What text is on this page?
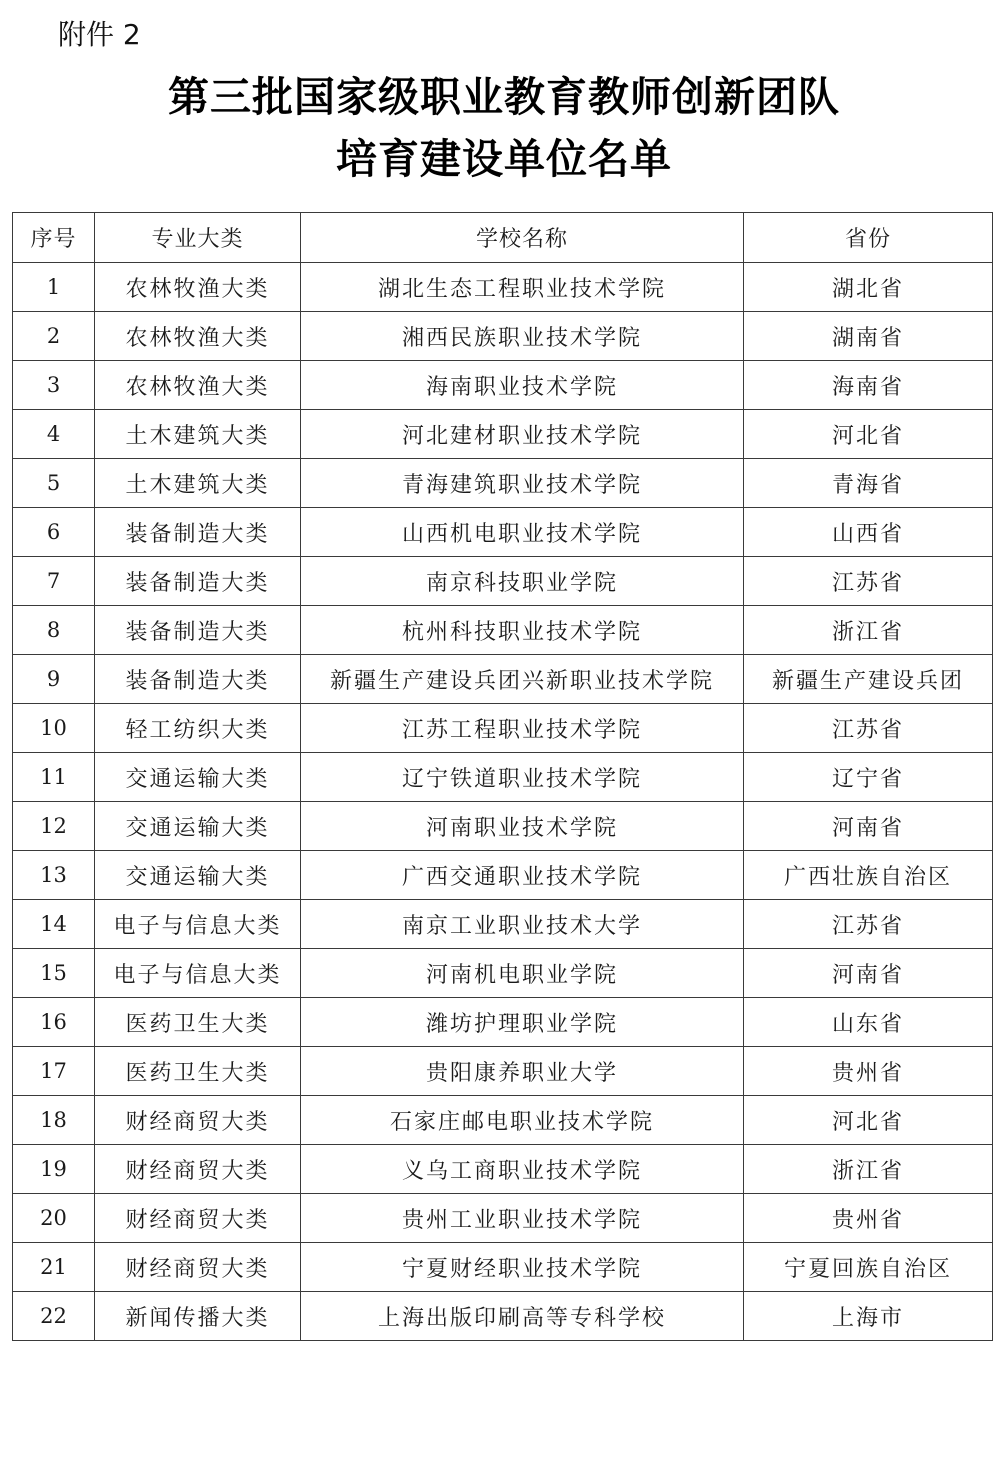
附件 2
第三批国家级职业教育教师创新团队
培育建设单位名单
序号	专业大类	学校名称	省份
1	农林牧渔大类	湖北生态工程职业技术学院	湖北省
2	农林牧渔大类	湘西民族职业技术学院	湖南省
3	农林牧渔大类	海南职业技术学院	海南省
4	土木建筑大类	河北建材职业技术学院	河北省
5	土木建筑大类	青海建筑职业技术学院	青海省
6	装备制造大类	山西机电职业技术学院	山西省
7	装备制造大类	南京科技职业学院	江苏省
8	装备制造大类	杭州科技职业技术学院	浙江省
9	装备制造大类	新疆生产建设兵团兴新职业技术学院	新疆生产建设兵团
10	轻工纺织大类	江苏工程职业技术学院	江苏省
11	交通运输大类	辽宁铁道职业技术学院	辽宁省
12	交通运输大类	河南职业技术学院	河南省
13	交通运输大类	广西交通职业技术学院	广西壮族自治区
14	电子与信息大类	南京工业职业技术大学	江苏省
15	电子与信息大类	河南机电职业学院	河南省
16	医药卫生大类	潍坊护理职业学院	山东省
17	医药卫生大类	贵阳康养职业大学	贵州省
18	财经商贸大类	石家庄邮电职业技术学院	河北省
19	财经商贸大类	义乌工商职业技术学院	浙江省
20	财经商贸大类	贵州工业职业技术学院	贵州省
21	财经商贸大类	宁夏财经职业技术学院	宁夏回族自治区
22	新闻传播大类	上海出版印刷高等专科学校	上海市
